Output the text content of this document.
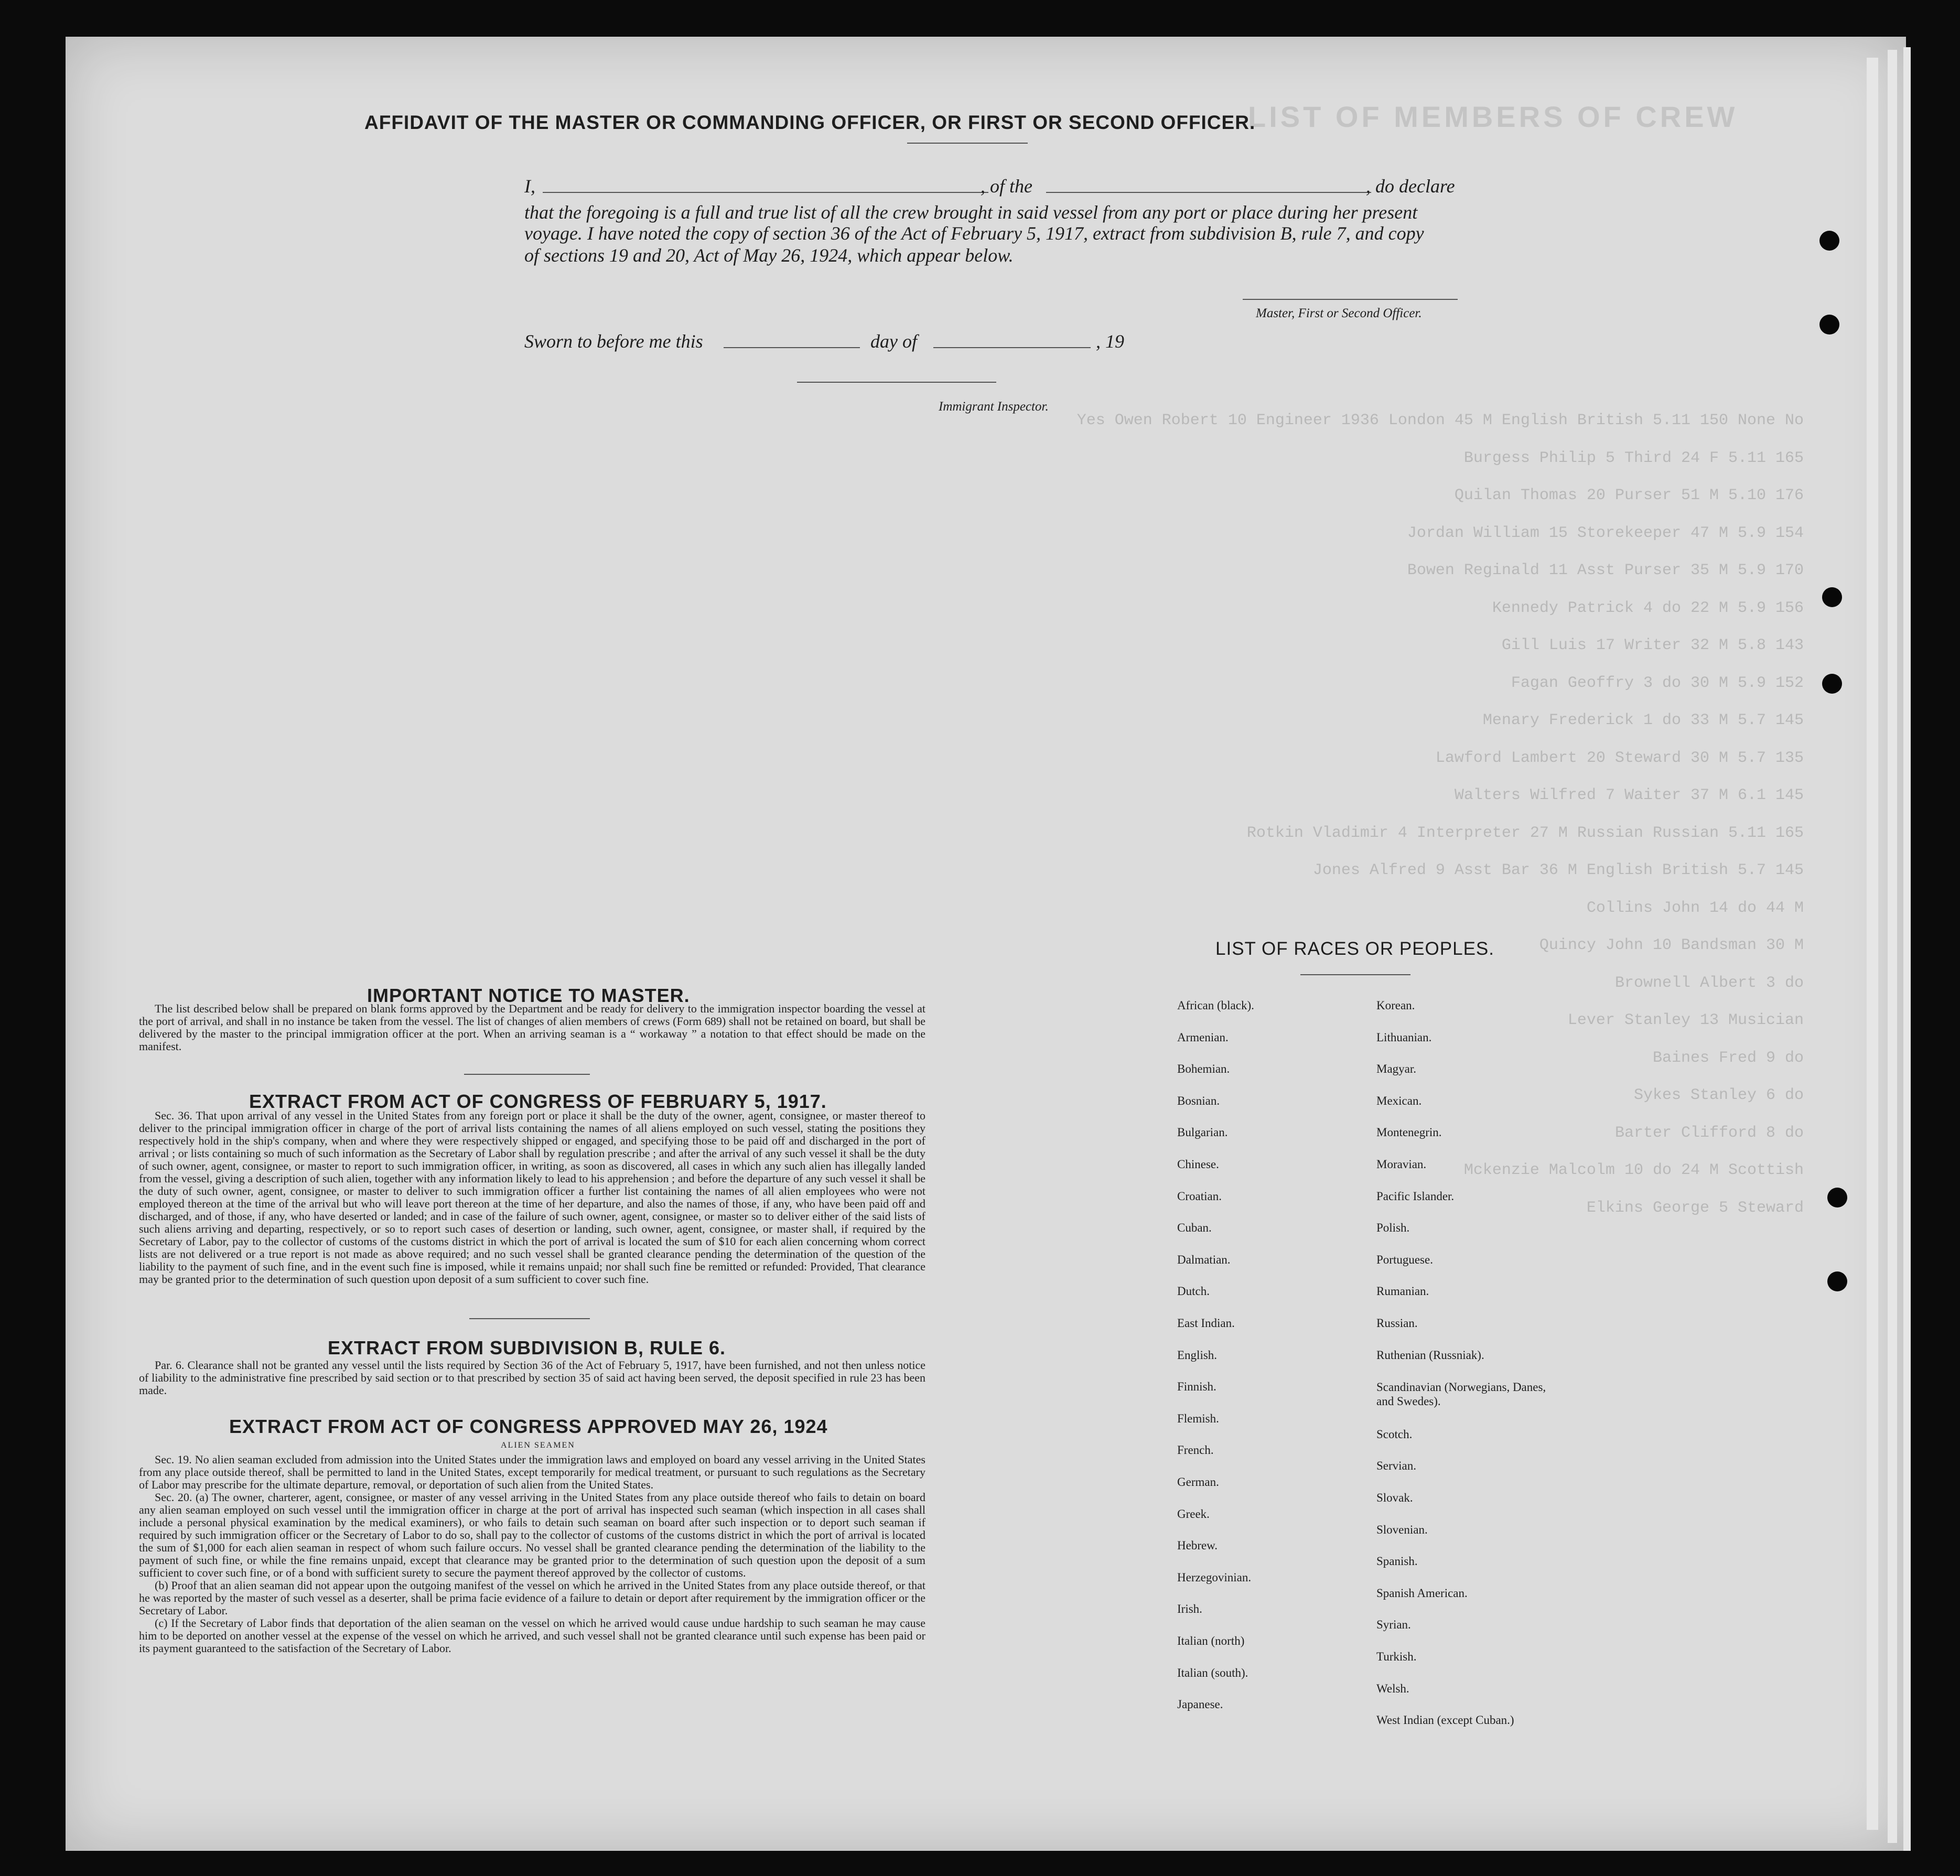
LIST OF MEMBERS OF CREW
Yes Owen Robert 10 Engineer 1936 London 45 M English British 5.11 150 None No
Burgess Philip 5 Third 24 F 5.11 165
Quilan Thomas 20 Purser 51 M 5.10 176
Jordan William 15 Storekeeper 47 M 5.9 154
Bowen Reginald 11 Asst Purser 35 M 5.9 170
Kennedy Patrick 4 do 22 M 5.9 156
Gill Luis 17 Writer 32 M 5.8 143
Fagan Geoffry 3 do 30 M 5.9 152
Menary Frederick 1 do 33 M 5.7 145
Lawford Lambert 20 Steward 30 M 5.7 135
Walters Wilfred 7 Waiter 37 M 6.1 145
Rotkin Vladimir 4 Interpreter 27 M Russian Russian 5.11 165
Jones Alfred 9 Asst Bar 36 M English British 5.7 145
Collins John 14 do 44 M
Quincy John 10 Bandsman 30 M
Brownell Albert 3 do
Lever Stanley 13 Musician
Baines Fred 9 do
Sykes Stanley 6 do
Barter Clifford 8 do
Mckenzie Malcolm 10 do 24 M Scottish
Elkins George 5 Steward
AFFIDAVIT OF THE MASTER OR COMMANDING OFFICER, OR FIRST OR SECOND OFFICER.
I,	, of the	, do declare
that the foregoing is a full and true list of all the crew brought in said vessel from any port or place during her present
voyage. I have noted the copy of section 36 of the Act of February 5, 1917, extract from subdivision B, rule 7, and copy
of sections 19 and 20, Act of May 26, 1924, which appear below.
Master, First or Second Officer.
Sworn to before me this	day of	, 19
Immigrant Inspector.
IMPORTANT NOTICE TO MASTER.

The list described below shall be prepared on blank forms approved by the Department and be ready for delivery to the immigration inspector boarding the vessel at the port of arrival, and shall in no instance be taken from the vessel. The list of changes of alien members of crews (Form 689) shall not be retained on board, but shall be delivered by the master to the principal immigration officer at the port. When an arriving seaman is a “ workaway ” a notation to that effect should be made on the manifest.

EXTRACT FROM ACT OF CONGRESS OF FEBRUARY 5, 1917.

Sec. 36. That upon arrival of any vessel in the United States from any foreign port or place it shall be the duty of the owner, agent, consignee, or master thereof to deliver to the principal immigration officer in charge of the port of arrival lists containing the names of all aliens employed on such vessel, stating the positions they respectively hold in the ship's company, when and where they were respectively shipped or engaged, and specifying those to be paid off and discharged in the port of arrival ; or lists containing so much of such information as the Secretary of Labor shall by regulation prescribe ; and after the arrival of any such vessel it shall be the duty of such owner, agent, consignee, or master to report to such immigration officer, in writing, as soon as discovered, all cases in which any such alien has illegally landed from the vessel, giving a description of such alien, together with any information likely to lead to his apprehension ; and before the departure of any such vessel it shall be the duty of such owner, agent, consignee, or master to deliver to such immigration officer a further list containing the names of all alien employees who were not employed thereon at the time of the arrival but who will leave port thereon at the time of her departure, and also the names of those, if any, who have been paid off and discharged, and of those, if any, who have deserted or landed; and in case of the failure of such owner, agent, consignee, or master so to deliver either of the said lists of such aliens arriving and departing, respectively, or so to report such cases of desertion or landing, such owner, agent, consignee, or master shall, if required by the Secretary of Labor, pay to the collector of customs of the customs district in which the port of arrival is located the sum of $10 for each alien concerning whom correct lists are not delivered or a true report is not made as above required; and no such vessel shall be granted clearance pending the determination of the question of the liability to the payment of such fine, and in the event such fine is imposed, while it remains unpaid; nor shall such fine be remitted or refunded: Provided, That clearance may be granted prior to the determination of such question upon deposit of a sum sufficient to cover such fine.

EXTRACT FROM SUBDIVISION B, RULE 6.

Par. 6. Clearance shall not be granted any vessel until the lists required by Section 36 of the Act of February 5, 1917, have been furnished, and not then unless notice of liability to the administrative fine prescribed by said section or to that prescribed by section 35 of said act having been served, the deposit specified in rule 23 has been made.

EXTRACT FROM ACT OF CONGRESS APPROVED MAY 26, 1924
ALIEN SEAMEN

Sec. 19. No alien seaman excluded from admission into the United States under the immigration laws and employed on board any vessel arriving in the United States from any place outside thereof, shall be permitted to land in the United States, except temporarily for medical treatment, or pursuant to such regulations as the Secretary of Labor may prescribe for the ultimate departure, removal, or deportation of such alien from the United States.

Sec. 20. (a) The owner, charterer, agent, consignee, or master of any vessel arriving in the United States from any place outside thereof who fails to detain on board any alien seaman employed on such vessel until the immigration officer in charge at the port of arrival has inspected such seaman (which inspection in all cases shall include a personal physical examination by the medical examiners), or who fails to detain such seaman on board after such inspection or to deport such seaman if required by such immigration officer or the Secretary of Labor to do so, shall pay to the collector of customs of the customs district in which the port of arrival is located the sum of $1,000 for each alien seaman in respect of whom such failure occurs. No vessel shall be granted clearance pending the determination of the liability to the payment of such fine, or while the fine remains unpaid, except that clearance may be granted prior to the determination of such question upon the deposit of a sum sufficient to cover such fine, or of a bond with sufficient surety to secure the payment thereof approved by the collector of customs.

(b) Proof that an alien seaman did not appear upon the outgoing manifest of the vessel on which he arrived in the United States from any place outside thereof, or that he was reported by the master of such vessel as a deserter, shall be prima facie evidence of a failure to detain or deport after requirement by the immigration officer or the Secretary of Labor.

(c) If the Secretary of Labor finds that deportation of the alien seaman on the vessel on which he arrived would cause undue hardship to such seaman he may cause him to be deported on another vessel at the expense of the vessel on which he arrived, and such vessel shall not be granted clearance until such expense has been paid or its payment guaranteed to the satisfaction of the Secretary of Labor.

LIST OF RACES OR PEOPLES.
African (black).
Armenian.
Bohemian.
Bosnian.
Bulgarian.
Chinese.
Croatian.
Cuban.
Dalmatian.
Dutch.
East Indian.
English.
Finnish.
Flemish.
French.
German.
Greek.
Hebrew.
Herzegovinian.
Irish.
Italian (north)
Italian (south).
Japanese.
Korean.
Lithuanian.
Magyar.
Mexican.
Montenegrin.
Moravian.
Pacific Islander.
Polish.
Portuguese.
Rumanian.
Russian.
Ruthenian (Russniak).
Scandinavian (Norwegians, Danes, and Swedes).
Scotch.
Servian.
Slovak.
Slovenian.
Spanish.
Spanish American.
Syrian.
Turkish.
Welsh.
West Indian (except Cuban.)
